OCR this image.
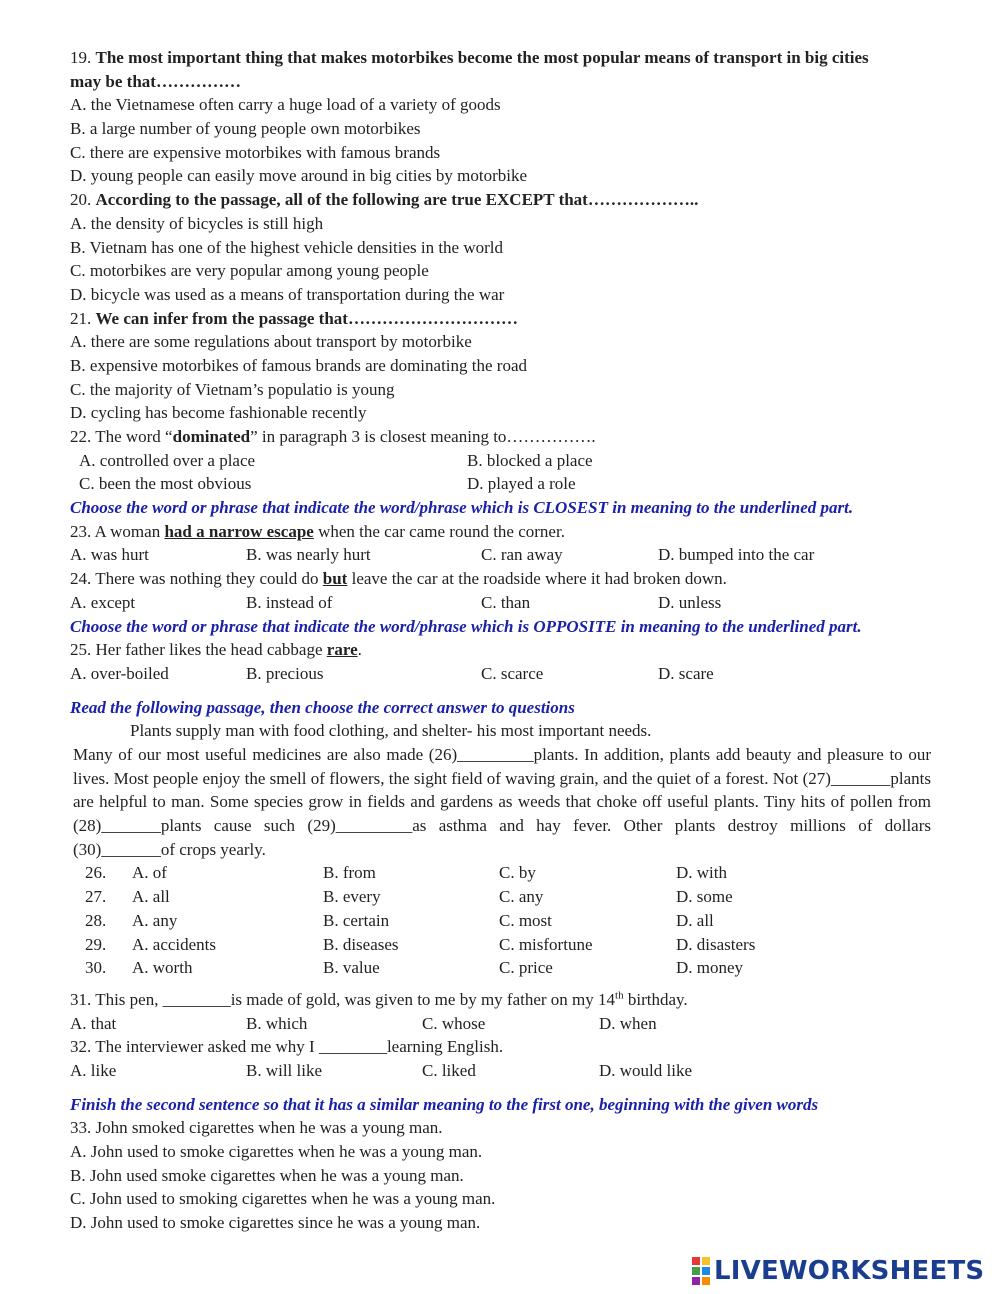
19. The most important thing that makes motorbikes become the most popular means of transport in big cities
may be that……………
A. the Vietnamese often carry a huge load of a variety of goods
B. a large number of young people own motorbikes
C. there are expensive motorbikes with famous brands
D. young people can easily move around in big cities by motorbike
20. According to the passage, all of the following are true EXCEPT that………………..
A. the density of bicycles is still high
B. Vietnam has one of the highest vehicle densities in the world
C. motorbikes are very popular among young people
D. bicycle was used as a means of transportation during the war
21. We can infer from the passage that…………………………
A. there are some regulations about transport by motorbike
B. expensive motorbikes of famous brands are dominating the road
C. the majority of Vietnam’s populatio is young
D. cycling has become fashionable recently
22. The word “dominated” in paragraph 3 is closest meaning to…………….
A. controlled over a place	B. blocked a place
C. been the most obvious	D. played a role
Choose the word or phrase that indicate the word/phrase which is CLOSEST in meaning to the underlined part.
23. A woman had a narrow escape when the car came round the corner.
A. was hurt	B. was nearly hurt	C. ran away	D. bumped into the car
24. There was nothing they could do but leave the car at the roadside where it had broken down.
A. except	B. instead of	C. than	D. unless
Choose the word or phrase that indicate the word/phrase which is OPPOSITE in meaning to the underlined part.
25. Her father likes the head cabbage rare.
A. over-boiled	B. precious	C. scarce	D. scare
Read the following passage, then choose the correct answer to questions

Plants supply man with food clothing, and shelter- his most important needs.

Many of our most useful medicines are also made (26)_________plants. In addition, plants add beauty and pleasure to our lives. Most people enjoy the smell of flowers, the sight field of waving grain, and the quiet of a forest. Not (27)_______plants are helpful to man. Some species grow in fields and gardens as weeds that choke off useful plants. Tiny hits of pollen from (28)_______plants cause such (29)_________as asthma and hay fever. Other plants destroy millions of dollars (30)_______of crops yearly.

26.	A. of	B. from	C. by	D. with
27.	A. all	B. every	C. any	D. some
28.	A. any	B. certain	C. most	D. all
29.	A. accidents	B. diseases	C. misfortune	D. disasters
30.	A. worth	B. value	C. price	D. money
31. This pen, ________is made of gold, was given to me by my father on my 14th birthday.
A. that	B. which	C. whose	D. when
32. The interviewer asked me why I ________learning English.
A. like	B. will like	C. liked	D. would like
Finish the second sentence so that it has a similar meaning to the first one, beginning with the given words
33. John smoked cigarettes when he was a young man.
A. John used to smoke cigarettes when he was a young man.
B. John used smoke cigarettes when he was a young man.
C. John used to smoking cigarettes when he was a young man.
D. John used to smoke cigarettes since he was a young man.
LIVEWORKSHEETS
